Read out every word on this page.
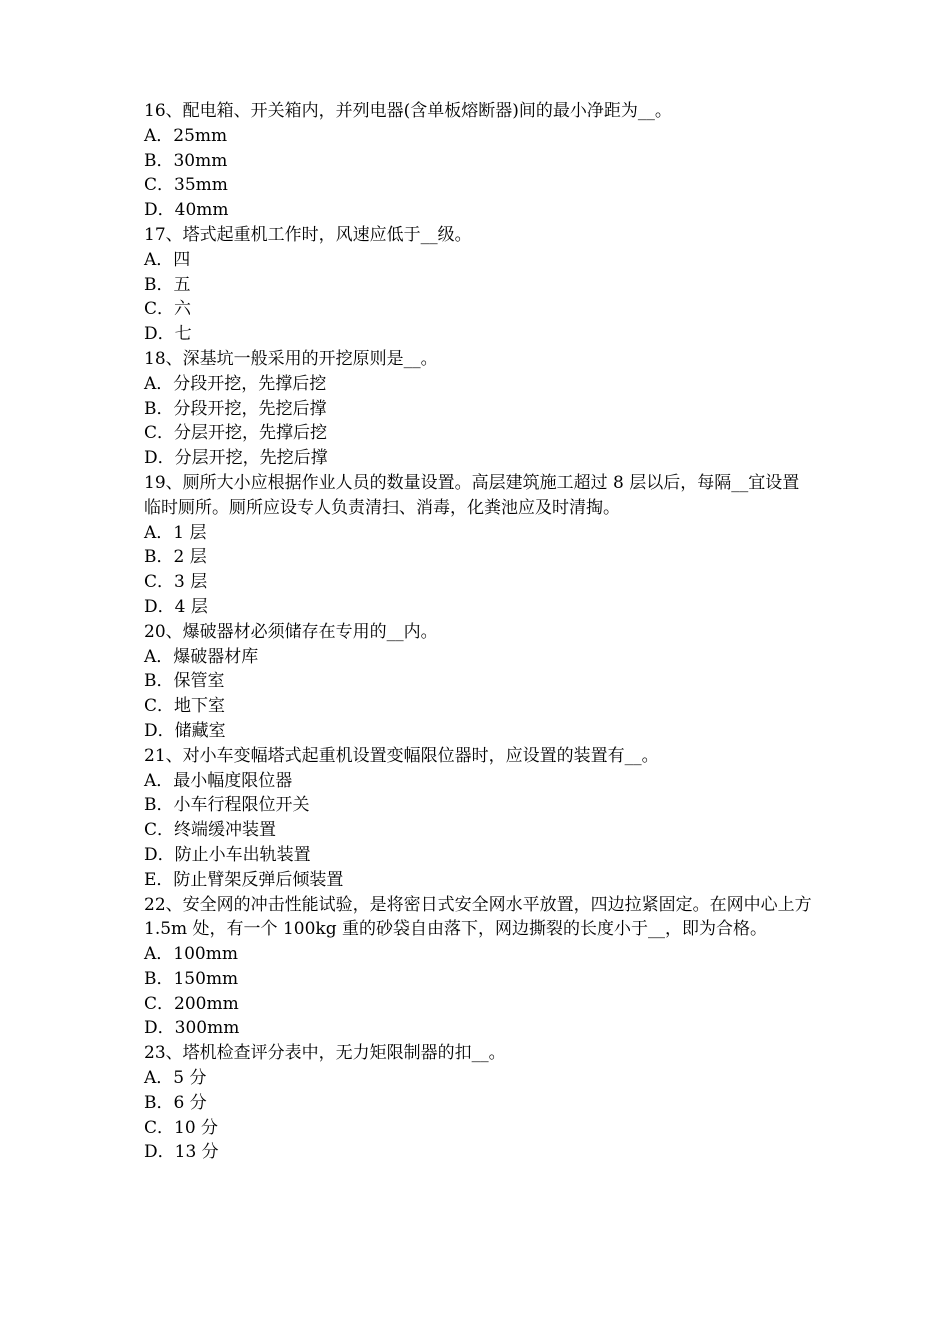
16、配电箱、开关箱内，并列电器(含单板熔断器)间的最小净距为__。

A．25mm

B．30mm

C．35mm

D．40mm

17、塔式起重机工作时，风速应低于__级。

A．四

B．五

C．六

D．七

18、深基坑一般采用的开挖原则是__。

A．分段开挖，先撑后挖

B．分段开挖，先挖后撑

C．分层开挖，先撑后挖

D．分层开挖，先挖后撑

19、厕所大小应根据作业人员的数量设置。高层建筑施工超过 8 层以后，每隔__宜设置临时厕所。厕所应设专人负责清扫、消毒，化粪池应及时清掏。

A．1 层

B．2 层

C．3 层

D．4 层

20、爆破器材必须储存在专用的__内。

A．爆破器材库

B．保管室

C．地下室

D．储藏室

21、对小车变幅塔式起重机设置变幅限位器时，应设置的装置有__。

A．最小幅度限位器

B．小车行程限位开关

C．终端缓冲装置

D．防止小车出轨装置

E．防止臂架反弹后倾装置

22、安全网的冲击性能试验，是将密日式安全网水平放置，四边拉紧固定。在网中心上方 1.5m 处，有一个 100kg 重的砂袋自由落下，网边撕裂的长度小于__，即为合格。

A．100mm

B．150mm

C．200mm

D．300mm

23、塔机检查评分表中，无力矩限制器的扣__。

A．5 分

B．6 分

C．10 分

D．13 分
